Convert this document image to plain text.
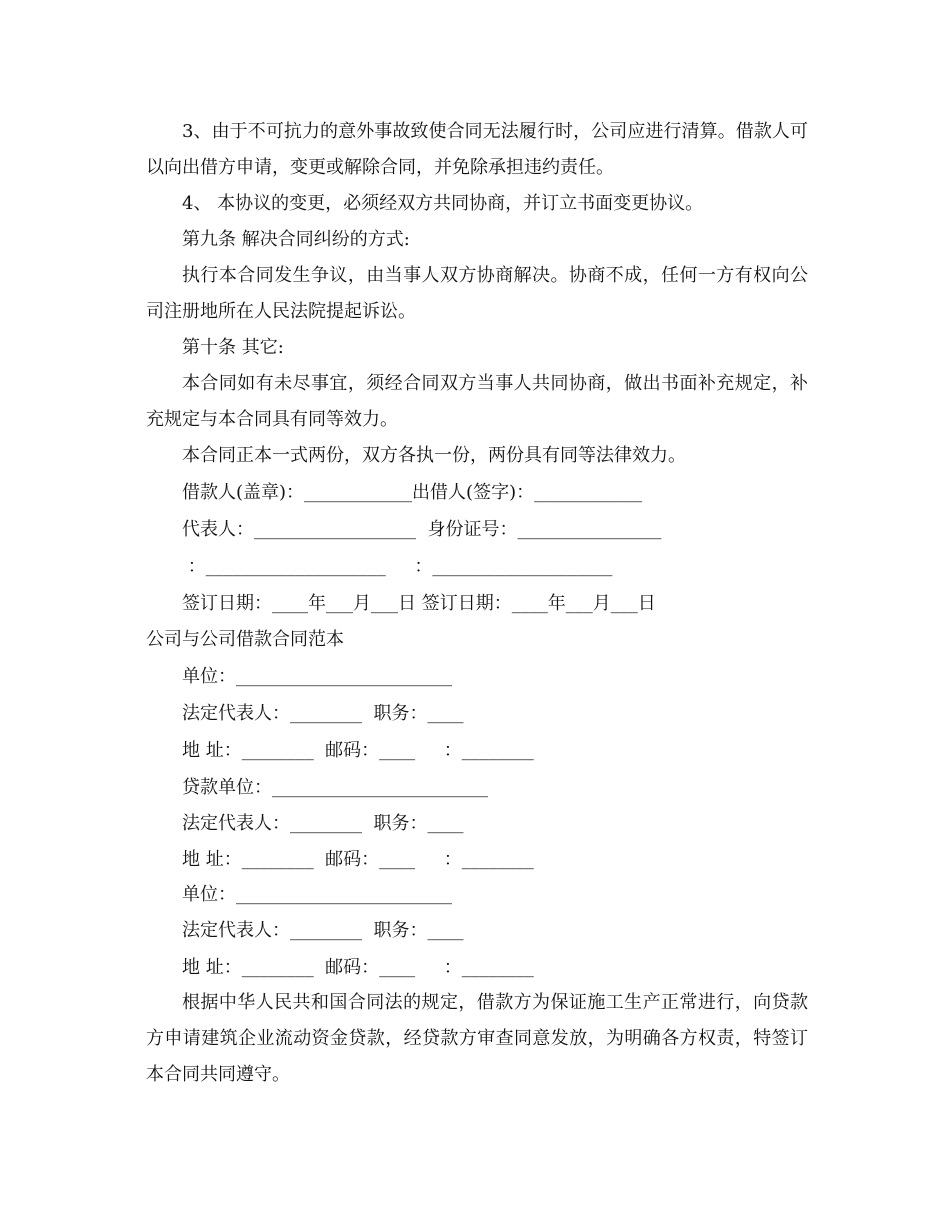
3、由于不可抗力的意外事故致使合同无法履行时，公司应进行清算。借款人可以向出借方申请，变更或解除合同，并免除承担违约责任。
4、 本协议的变更，必须经双方共同协商，并订立书面变更协议。
第九条 解决合同纠纷的方式:
执行本合同发生争议，由当事人双方协商解决。协商不成，任何一方有权向公司注册地所在人民法院提起诉讼。
第十条 其它:
本合同如有未尽事宜，须经合同双方当事人共同协商，做出书面补充规定，补充规定与本合同具有同等效力。
本合同正本一式两份，双方各执一份，两份具有同等法律效力。
借款人(盖章)：____________出借人(签字)：____________
代表人：__________________  身份证号：________________
：____________________     ：____________________
签订日期：____年___月___日 签订日期：____年___月___日
公司与公司借款合同范本
单位：________________________
法定代表人：________  职务：____
地 址：________  邮码：____     ：________
贷款单位：________________________
法定代表人：________  职务：____
地 址：________  邮码：____     ：________
单位：________________________
法定代表人：________  职务：____
地 址：________  邮码：____     ：________
根据中华人民共和国合同法的规定，借款方为保证施工生产正常进行，向贷款方申请建筑企业流动资金贷款，经贷款方审查同意发放，为明确各方权责，特签订本合同共同遵守。
